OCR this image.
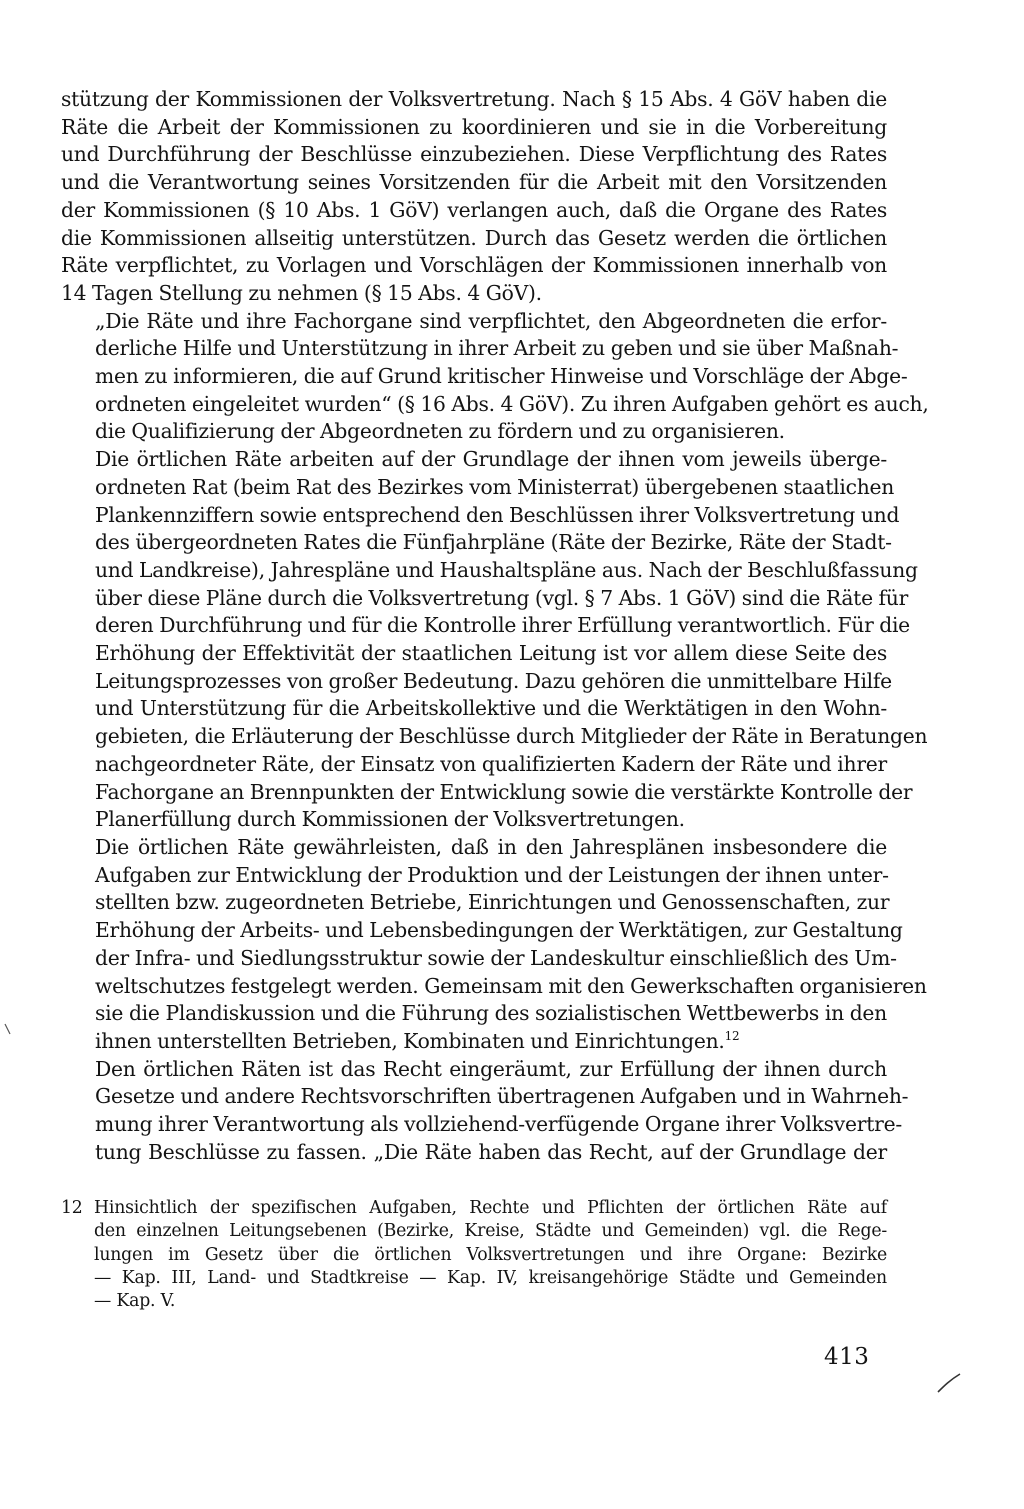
stützung der Kommissionen der Volksvertretung. Nach § 15 Abs. 4 GöV haben die
Räte die Arbeit der Kommissionen zu koordinieren und sie in die Vorbereitung
und Durchführung der Beschlüsse einzubeziehen. Diese Verpflichtung des Rates
und die Verantwortung seines Vorsitzenden für die Arbeit mit den Vorsitzenden
der Kommissionen (§ 10 Abs. 1 GöV) verlangen auch, daß die Organe des Rates
die Kommissionen allseitig unterstützen. Durch das Gesetz werden die örtlichen
Räte verpflichtet, zu Vorlagen und Vorschlägen der Kommissionen innerhalb von
14 Tagen Stellung zu nehmen (§ 15 Abs. 4 GöV).

„Die Räte und ihre Fachorgane sind verpflichtet, den Abgeordneten die erfor-
derliche Hilfe und Unterstützung in ihrer Arbeit zu geben und sie über Maßnah-
men zu informieren, die auf Grund kritischer Hinweise und Vorschläge der Abge-
ordneten eingeleitet wurden“ (§ 16 Abs. 4 GöV). Zu ihren Aufgaben gehört es auch,
die Qualifizierung der Abgeordneten zu fördern und zu organisieren.

Die örtlichen Räte arbeiten auf der Grundlage der ihnen vom jeweils überge-
ordneten Rat (beim Rat des Bezirkes vom Ministerrat) übergebenen staatlichen
Plankennziffern sowie entsprechend den Beschlüssen ihrer Volksvertretung und
des übergeordneten Rates die Fünfjahrpläne (Räte der Bezirke, Räte der Stadt-
und Landkreise), Jahrespläne und Haushaltspläne aus. Nach der Beschlußfassung
über diese Pläne durch die Volksvertretung (vgl. § 7 Abs. 1 GöV) sind die Räte für
deren Durchführung und für die Kontrolle ihrer Erfüllung verantwortlich. Für die
Erhöhung der Effektivität der staatlichen Leitung ist vor allem diese Seite des
Leitungsprozesses von großer Bedeutung. Dazu gehören die unmittelbare Hilfe
und Unterstützung für die Arbeitskollektive und die Werktätigen in den Wohn-
gebieten, die Erläuterung der Beschlüsse durch Mitglieder der Räte in Beratungen
nachgeordneter Räte, der Einsatz von qualifizierten Kadern der Räte und ihrer
Fachorgane an Brennpunkten der Entwicklung sowie die verstärkte Kontrolle der
Planerfüllung durch Kommissionen der Volksvertretungen.

Die örtlichen Räte gewährleisten, daß in den Jahresplänen insbesondere die
Aufgaben zur Entwicklung der Produktion und der Leistungen der ihnen unter-
stellten bzw. zugeordneten Betriebe, Einrichtungen und Genossenschaften, zur
Erhöhung der Arbeits- und Lebensbedingungen der Werktätigen, zur Gestaltung
der Infra- und Siedlungsstruktur sowie der Landeskultur einschließlich des Um-
weltschutzes festgelegt werden. Gemeinsam mit den Gewerkschaften organisieren
sie die Plandiskussion und die Führung des sozialistischen Wettbewerbs in den
ihnen unterstellten Betrieben, Kombinaten und Einrichtungen.$^{12}$

Den örtlichen Räten ist das Recht eingeräumt, zur Erfüllung der ihnen durch
Gesetze und andere Rechtsvorschriften übertragenen Aufgaben und in Wahrneh-
mung ihrer Verantwortung als vollziehend-verfügende Organe ihrer Volksvertre-
tung Beschlüsse zu fassen. „Die Räte haben das Recht, auf der Grundlage der

12 Hinsichtlich der spezifischen Aufgaben, Rechte und Pflichten der örtlichen Räte auf
den einzelnen Leitungsebenen (Bezirke, Kreise, Städte und Gemeinden) vgl. die Rege-
lungen im Gesetz über die örtlichen Volksvertretungen und ihre Organe: Bezirke
— Kap. III, Land- und Stadtkreise — Kap. IV, kreisangehörige Städte und Gemeinden
— Kap. V.
413
